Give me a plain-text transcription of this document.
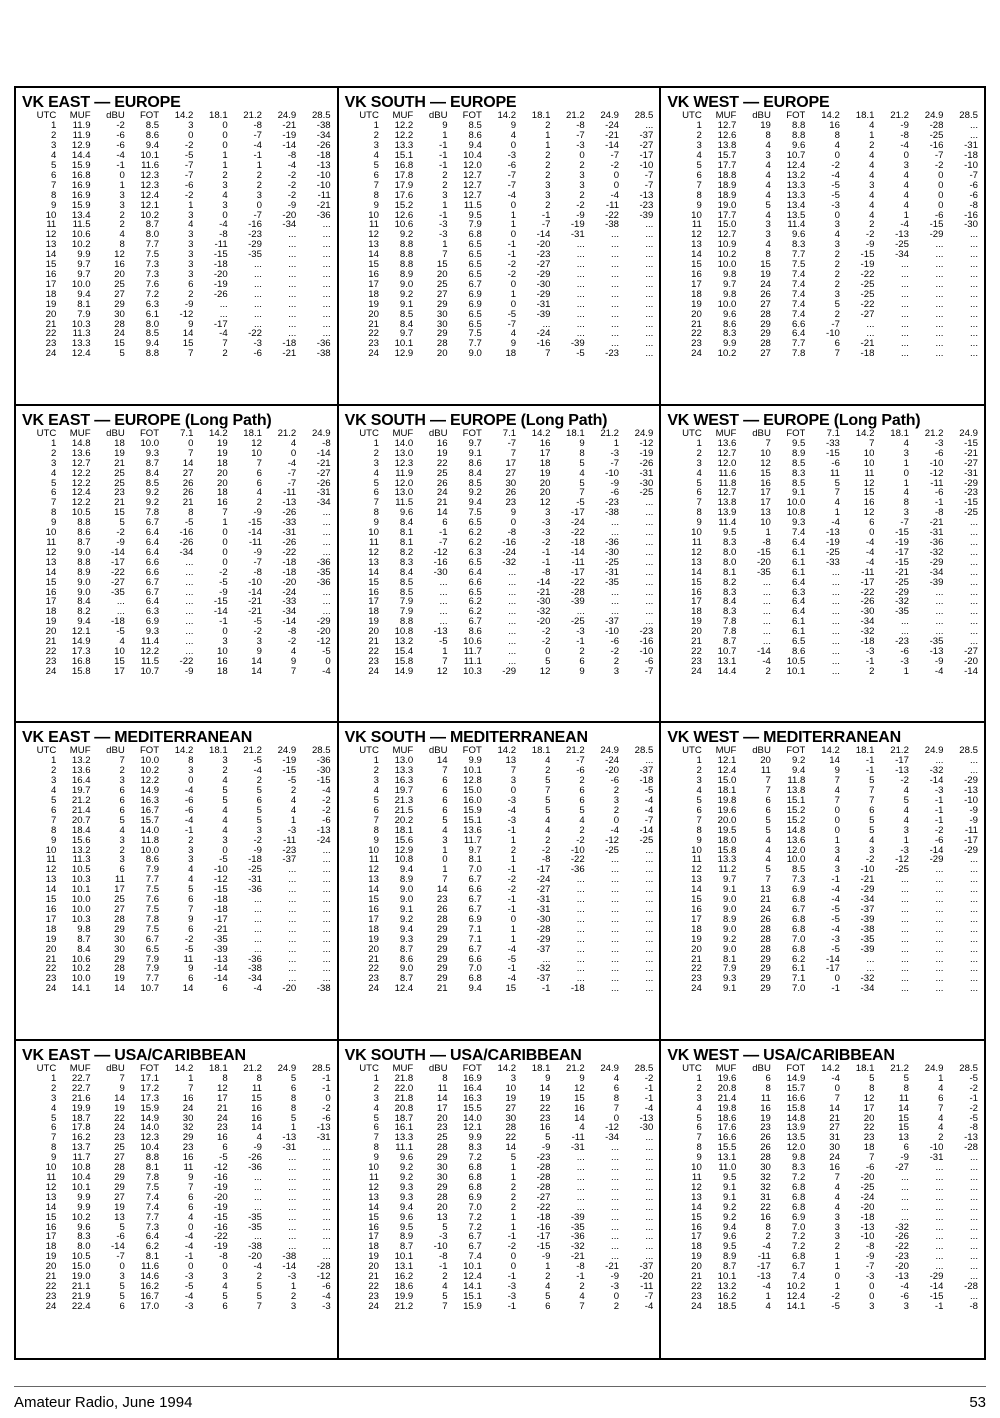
VK EAST — EUROPE
UTC	MUF	dBU	FOT	14.2	18.1	21.2	24.9	28.5
1	11.9	-2	8.5	3	0	-8	-21	-38
2	11.9	-6	8.6	0	0	-7	-19	-34
3	12.9	-6	9.4	-2	0	-4	-14	-26
4	14.4	-4	10.1	-5	1	-1	-8	-18
5	15.9	-1	11.6	-7	1	1	-4	-13
6	16.8	0	12.3	-7	2	2	-2	-10
7	16.9	1	12.3	-6	3	2	-2	-10
8	16.9	3	12.4	-2	4	3	-2	-11
9	15.9	3	12.1	1	3	0	-9	-21
10	13.4	2	10.2	3	0	-7	-20	-36
11	11.5	2	8.7	4	-4	-16	-34	...
12	10.6	4	8.0	3	-8	-23	...	...
13	10.2	8	7.7	3	-11	-29	...	...
14	9.9	12	7.5	3	-15	-35	...	...
15	9.7	16	7.3	3	-18	...	...	...
16	9.7	20	7.3	3	-20	...	...	...
17	10.0	25	7.6	6	-19	...	...	...
18	9.4	27	7.2	2	-26	...	...	...
19	8.1	29	6.3	-9	...	...	...	...
20	7.9	30	6.1	-12	...	...	...	...
21	10.3	28	8.0	9	-17	...	...	...
22	11.3	24	8.5	14	-4	-22	...	...
23	13.3	15	9.4	15	7	-3	-18	-36
24	12.4	5	8.8	7	2	-6	-21	-38
VK SOUTH — EUROPE
UTC	MUF	dBU	FOT	14.2	18.1	21.2	24.9	28.5
1	12.2	9	8.5	9	2	-8	-24	...
2	12.2	1	8.6	4	1	-7	-21	-37
3	13.3	-1	9.4	0	1	-3	-14	-27
4	15.1	-1	10.4	-3	2	0	-7	-17
5	16.8	-1	12.0	-6	2	2	-2	-10
6	17.8	2	12.7	-7	2	3	0	-7
7	17.9	2	12.7	-7	3	3	0	-7
8	17.6	3	12.7	-4	3	2	-4	-13
9	15.2	1	11.5	0	2	-2	-11	-23
10	12.6	-1	9.5	1	-1	-9	-22	-39
11	10.6	-3	7.9	1	-7	-19	-38	...
12	9.2	-3	6.8	0	-14	-31	...	...
13	8.8	1	6.5	-1	-20	...	...	...
14	8.8	7	6.5	-1	-23	...	...	...
15	8.8	15	6.5	-2	-27	...	...	...
16	8.9	20	6.5	-2	-29	...	...	...
17	9.0	25	6.7	0	-30	...	...	...
18	9.2	27	6.9	1	-29	...	...	...
19	9.1	29	6.9	0	-31	...	...	...
20	8.5	30	6.5	-5	-39	...	...	...
21	8.4	30	6.5	-7	...	...	...	...
22	9.7	29	7.5	4	-24	...	...	...
23	10.1	28	7.7	9	-16	-39	...	...
24	12.9	20	9.0	18	7	-5	-23	...
VK WEST — EUROPE
UTC	MUF	dBU	FOT	14.2	18.1	21.2	24.9	28.5
1	12.7	19	8.8	16	4	-9	-28	...
2	12.6	8	8.8	8	1	-8	-25	...
3	13.8	4	9.6	4	2	-4	-16	-31
4	15.7	3	10.7	0	4	0	-7	-18
5	17.7	4	12.4	-2	4	3	-2	-10
6	18.8	4	13.2	-4	4	4	0	-7
7	18.9	4	13.3	-5	3	4	0	-6
8	18.9	4	13.3	-5	4	4	0	-6
9	19.0	5	13.4	-3	4	4	0	-8
10	17.7	4	13.5	0	4	1	-6	-16
11	15.0	3	11.4	3	2	-4	-15	-30
12	12.7	3	9.6	4	-2	-13	-29	...
13	10.9	4	8.3	3	-9	-25	...	...
14	10.2	8	7.7	2	-15	-34	...	...
15	10.0	15	7.5	2	-19	...	...	...
16	9.8	19	7.4	2	-22	...	...	...
17	9.7	24	7.4	2	-25	...	...	...
18	9.8	26	7.4	3	-25	...	...	...
19	10.0	27	7.4	5	-22	...	...	...
20	9.6	28	7.4	2	-27	...	...	...
21	8.6	29	6.6	-7	...	...	...	...
22	8.3	29	6.4	-10	...	...	...	...
23	9.9	28	7.7	6	-21	...	...	...
24	10.2	27	7.8	7	-18	...	...	...
VK EAST — EUROPE (Long Path)
UTC	MUF	dBU	FOT	7.1	14.2	18.1	21.2	24.9
1	14.8	18	10.0	0	19	12	4	-8
2	13.6	19	9.3	7	19	10	0	-14
3	12.7	21	8.7	14	18	7	-4	-21
4	12.2	25	8.4	27	20	6	-7	-27
5	12.2	25	8.5	26	20	6	-7	-26
6	12.4	23	9.2	26	18	4	-11	-31
7	12.2	21	9.2	21	16	2	-13	-34
8	10.5	15	7.8	8	7	-9	-26	...
9	8.8	5	6.7	-5	1	-15	-33	...
10	8.6	-2	6.4	-16	0	-14	-31	...
11	8.7	-9	6.4	-26	0	-11	-26	...
12	9.0	-14	6.4	-34	0	-9	-22	...
13	8.8	-17	6.6	...	0	-7	-18	-36
14	8.9	-22	6.6	...	-2	-8	-18	-35
15	9.0	-27	6.7	...	-5	-10	-20	-36
16	9.0	-35	6.7	...	-9	-14	-24	...
17	8.4	...	6.4	...	-15	-21	-33	...
18	8.2	...	6.3	...	-14	-21	-34	...
19	9.4	-18	6.9	...	-1	-5	-14	-29
20	12.1	-5	9.3	...	0	-2	-8	-20
21	14.9	4	11.4	...	3	3	-2	-12
22	17.3	10	12.2	...	10	9	4	-5
23	16.8	15	11.5	-22	16	14	9	0
24	15.8	17	10.7	-9	18	14	7	-4
VK SOUTH — EUROPE (Long Path)
UTC	MUF	dBU	FOT	7.1	14.2	18.1	21.2	24.9
1	14.0	16	9.7	-7	16	9	1	-12
2	13.0	19	9.1	7	17	8	-3	-19
3	12.3	22	8.6	17	18	5	-7	-26
4	11.9	25	8.4	27	19	4	-10	-31
5	12.0	26	8.5	30	20	5	-9	-30
6	13.0	24	9.2	26	20	7	-6	-25
7	11.5	21	9.4	23	12	-5	-23	...
8	9.6	14	7.5	9	3	-17	-38	...
9	8.4	6	6.5	0	-3	-24	...	...
10	8.1	-1	6.2	-8	-3	-22	...	...
11	8.1	-7	6.2	-16	-2	-18	-36	...
12	8.2	-12	6.3	-24	-1	-14	-30	...
13	8.3	-16	6.5	-32	-1	-11	-25	...
14	8.4	-30	6.4	...	-8	-17	-31	...
15	8.5	...	6.6	...	-14	-22	-35	...
16	8.5	...	6.5	...	-21	-28	...	...
17	7.9	...	6.2	...	-30	-39	...	...
18	7.9	...	6.2	...	-32	...	...	...
19	8.8	...	6.7	...	-20	-25	-37	...
20	10.8	-13	8.6	...	-2	-3	-10	-23
21	13.2	-5	10.6	...	-2	-1	-6	-16
22	15.4	1	11.7	...	0	2	-2	-10
23	15.8	7	11.1	...	5	6	2	-6
24	14.9	12	10.3	-29	12	9	3	-7
VK WEST — EUROPE (Long Path)
UTC	MUF	dBU	FOT	7.1	14.2	18.1	21.2	24.9
1	13.6	7	9.5	-33	7	4	-3	-15
2	12.7	10	8.9	-15	10	3	-6	-21
3	12.0	12	8.5	-6	10	1	-10	-27
4	11.6	15	8.3	11	11	0	-12	-31
5	11.8	16	8.5	5	12	1	-11	-29
6	12.7	17	9.1	7	15	4	-6	-23
7	13.8	17	10.0	4	16	8	-1	-15
8	13.9	13	10.8	1	12	3	-8	-25
9	11.4	10	9.3	-4	6	-7	-21	...
10	9.5	1	7.4	-13	0	-15	-31	...
11	8.3	-8	6.4	-19	-4	-19	-36	...
12	8.0	-15	6.1	-25	-4	-17	-32	...
13	8.0	-20	6.1	-33	-4	-15	-29	...
14	8.1	-35	6.1	...	-11	-21	-34	...
15	8.2	...	6.4	...	-17	-25	-39	...
16	8.3	...	6.3	...	-22	-29	...	...
17	8.4	...	6.4	...	-26	-32	...	...
18	8.3	...	6.4	...	-30	-35	...	...
19	7.8	...	6.1	...	-34	...	...	...
20	7.8	...	6.1	...	-32	...	...	...
21	8.7	...	6.5	...	-18	-23	-35	...
22	10.7	-14	8.6	...	-3	-6	-13	-27
23	13.1	-4	10.5	...	-1	-3	-9	-20
24	14.4	2	10.1	...	2	1	-4	-14
VK EAST — MEDITERRANEAN
UTC	MUF	dBU	FOT	14.2	18.1	21.2	24.9	28.5
1	13.2	7	10.0	8	3	-5	-19	-36
2	13.6	2	10.2	3	2	-4	-15	-30
3	16.4	3	12.2	0	4	2	-5	-15
4	19.7	6	14.9	-4	5	5	2	-4
5	21.2	6	16.3	-6	5	6	4	-2
6	21.4	6	16.7	-6	4	5	4	-2
7	20.7	5	15.7	-4	4	5	1	-6
8	18.4	4	14.0	-1	4	3	-3	-13
9	15.6	3	11.8	2	3	-2	-11	-24
10	13.2	2	10.0	3	0	-9	-23	...
11	11.3	3	8.6	3	-5	-18	-37	...
12	10.5	6	7.9	4	-10	-25	...	...
13	10.3	11	7.7	4	-12	-31	...	...
14	10.1	17	7.5	5	-15	-36	...	...
15	10.0	25	7.6	6	-18	...	...	...
16	10.0	27	7.5	7	-18	...	...	...
17	10.3	28	7.8	9	-17	...	...	...
18	9.8	29	7.5	6	-21	...	...	...
19	8.7	30	6.7	-2	-35	...	...	...
20	8.4	30	6.5	-5	-39	...	...	...
21	10.6	29	7.9	11	-13	-36	...	...
22	10.2	28	7.9	9	-14	-38	...	...
23	10.0	19	7.7	6	-14	-34	...	...
24	14.1	14	10.7	14	6	-4	-20	-38
VK SOUTH — MEDITERRANEAN
UTC	MUF	dBU	FOT	14.2	18.1	21.2	24.9	28.5
1	13.0	14	9.9	13	4	-7	-24	...
2	13.3	7	10.1	7	2	-6	-20	-37
3	16.3	6	12.8	3	5	2	-6	-18
4	19.7	6	15.0	0	7	6	2	-5
5	21.3	6	16.0	-3	5	6	3	-4
6	21.5	6	15.9	-4	5	5	2	-4
7	20.2	5	15.1	-3	4	4	0	-7
8	18.1	4	13.6	-1	4	2	-4	-14
9	15.6	3	11.7	1	2	-2	-12	-25
10	12.9	1	9.7	2	-2	-10	-25	...
11	10.8	0	8.1	1	-8	-22	...	...
12	9.4	1	7.0	-1	-17	-36	...	...
13	8.9	7	6.7	-2	-24	...	...	...
14	9.0	14	6.6	-2	-27	...	...	...
15	9.0	23	6.7	-1	-31	...	...	...
16	9.1	26	6.7	-1	-31	...	...	...
17	9.2	28	6.9	0	-30	...	...	...
18	9.4	29	7.1	1	-28	...	...	...
19	9.3	29	7.1	1	-29	...	...	...
20	8.7	29	6.7	-4	-37	...	...	...
21	8.6	29	6.6	-5	...	...	...	...
22	9.0	29	7.0	-1	-32	...	...	...
23	8.7	29	6.8	-4	-37	...	...	...
24	12.4	21	9.4	15	-1	-18	...	...
VK WEST — MEDITERRANEAN
UTC	MUF	dBU	FOT	14.2	18.1	21.2	24.9	28.5
1	12.1	20	9.2	14	-1	-17	...	...
2	12.4	11	9.4	9	-1	-13	-32	...
3	15.0	7	11.8	7	5	-2	-14	-29
4	18.1	7	13.8	4	7	4	-3	-13
5	19.8	6	15.1	7	7	5	-1	-10
6	19.6	6	15.2	0	6	4	-1	-9
7	20.0	5	15.2	0	5	4	-1	-9
8	19.5	5	14.8	0	5	3	-2	-11
9	18.0	4	13.6	1	4	1	-6	-17
10	15.8	4	12.0	3	3	-3	-14	-29
11	13.3	4	10.0	4	-2	-12	-29	...
12	11.2	5	8.5	3	-10	-25	...	...
13	9.7	7	7.3	-1	-21	...	...	...
14	9.1	13	6.9	-4	-29	...	...	...
15	9.0	21	6.8	-4	-34	...	...	...
16	9.0	24	6.7	-5	-37	...	...	...
17	8.9	26	6.8	-5	-39	...	...	...
18	9.0	28	6.8	-4	-38	...	...	...
19	9.2	28	7.0	-3	-35	...	...	...
20	9.0	28	6.8	-5	-39	...	...	...
21	8.1	29	6.2	-14	...	...	...	...
22	7.9	29	6.1	-17	...	...	...	...
23	9.3	29	7.1	0	-32	...	...	...
24	9.1	29	7.0	-1	-34	...	...	...
VK EAST — USA/CARIBBEAN
UTC	MUF	dBU	FOT	14.2	18.1	21.2	24.9	28.5
1	22.7	7	17.1	1	8	8	5	-1
2	22.7	9	17.2	7	12	11	6	-1
3	21.6	14	17.3	16	17	15	8	0
4	19.9	19	15.9	24	21	16	8	-2
5	18.7	22	14.9	30	24	16	5	-6
6	17.8	24	14.0	32	23	14	1	-13
7	16.2	23	12.3	29	16	4	-13	-31
8	13.7	25	10.4	23	6	-9	-31	...
9	11.7	27	8.8	16	-5	-26	...	...
10	10.8	28	8.1	11	-12	-36	...	...
11	10.4	29	7.8	9	-16	...	...	...
12	10.1	29	7.5	7	-19	...	...	...
13	9.9	27	7.4	6	-20	...	...	...
14	9.9	19	7.4	6	-19	...	...	...
15	10.2	13	7.7	4	-15	-35	...	...
16	9.6	5	7.3	0	-16	-35	...	...
17	8.3	-6	6.4	-4	-22	...	...	...
18	8.0	-14	6.2	-4	-19	-38	...	...
19	10.5	-7	8.1	-1	-8	-20	-38	...
20	15.0	0	11.6	0	0	-4	-14	-28
21	19.0	3	14.6	-3	3	2	-3	-12
22	21.1	5	16.2	-5	4	5	1	-6
23	21.9	5	16.7	-4	5	5	2	-4
24	22.4	6	17.0	-3	6	7	3	-3
VK SOUTH — USA/CARIBBEAN
UTC	MUF	dBU	FOT	14.2	18.1	21.2	24.9	28.5
1	21.8	8	16.9	3	9	9	4	-2
2	22.0	11	16.4	10	14	12	6	-1
3	21.8	14	16.3	19	19	15	8	-1
4	20.8	17	15.5	27	22	16	7	-4
5	18.7	20	14.0	30	23	14	0	-13
6	16.1	23	12.1	28	16	4	-12	-30
7	13.3	25	9.9	22	5	-11	-34	...
8	11.1	28	8.3	14	-9	-31	...	...
9	9.6	29	7.2	5	-23	...	...	...
10	9.2	30	6.8	1	-28	...	...	...
11	9.2	30	6.8	1	-28	...	...	...
12	9.3	29	6.8	2	-28	...	...	...
13	9.3	28	6.9	2	-27	...	...	...
14	9.4	20	7.0	2	-22	...	...	...
15	9.6	13	7.2	1	-18	-39	...	...
16	9.5	5	7.2	1	-16	-35	...	...
17	8.9	-3	6.7	-1	-17	-36	...	...
18	8.7	-10	6.7	-2	-15	-32	...	...
19	10.1	-8	7.4	0	-9	-21	...	...
20	13.1	-1	10.1	0	1	-8	-21	-37
21	16.2	2	12.4	-1	2	-1	-9	-20
22	18.6	4	14.1	-3	4	2	-3	-11
23	19.9	5	15.1	-3	5	4	0	-7
24	21.2	7	15.9	-1	6	7	2	-4
VK WEST — USA/CARIBBEAN
UTC	MUF	dBU	FOT	14.2	18.1	21.2	24.9	28.5
1	19.6	6	14.9	-4	5	5	1	-5
2	20.8	8	15.7	0	8	8	4	-2
3	21.4	11	16.6	7	12	11	6	-1
4	19.8	16	15.8	14	17	14	7	-2
5	18.6	19	14.8	21	20	15	4	-5
6	17.6	23	13.9	27	22	15	4	-8
7	16.6	26	13.5	31	23	13	2	-13
8	15.5	26	12.0	30	18	6	-10	-28
9	13.1	28	9.8	24	7	-9	-31	...
10	11.0	30	8.3	16	-6	-27	...	...
11	9.5	32	7.2	7	-20	...	...	...
12	9.1	32	6.8	4	-25	...	...	...
13	9.1	31	6.8	4	-24	...	...	...
14	9.2	22	6.8	4	-20	...	...	...
15	9.2	16	6.9	3	-18	...	...	...
16	9.4	8	7.0	3	-13	-32	...	...
17	9.6	2	7.2	3	-10	-26	...	...
18	9.5	-4	7.2	2	-8	-22	...	...
19	8.9	-11	6.8	1	-9	-23	...	...
20	8.7	-17	6.7	1	-7	-20	...	...
21	10.1	-13	7.4	0	-3	-13	-29	...
22	13.2	-4	10.2	1	0	-4	-14	-28
23	16.2	1	12.4	-2	0	-6	-15	...
24	18.5	4	14.1	-5	3	3	-1	-8
Amateur Radio, June 1994	53
